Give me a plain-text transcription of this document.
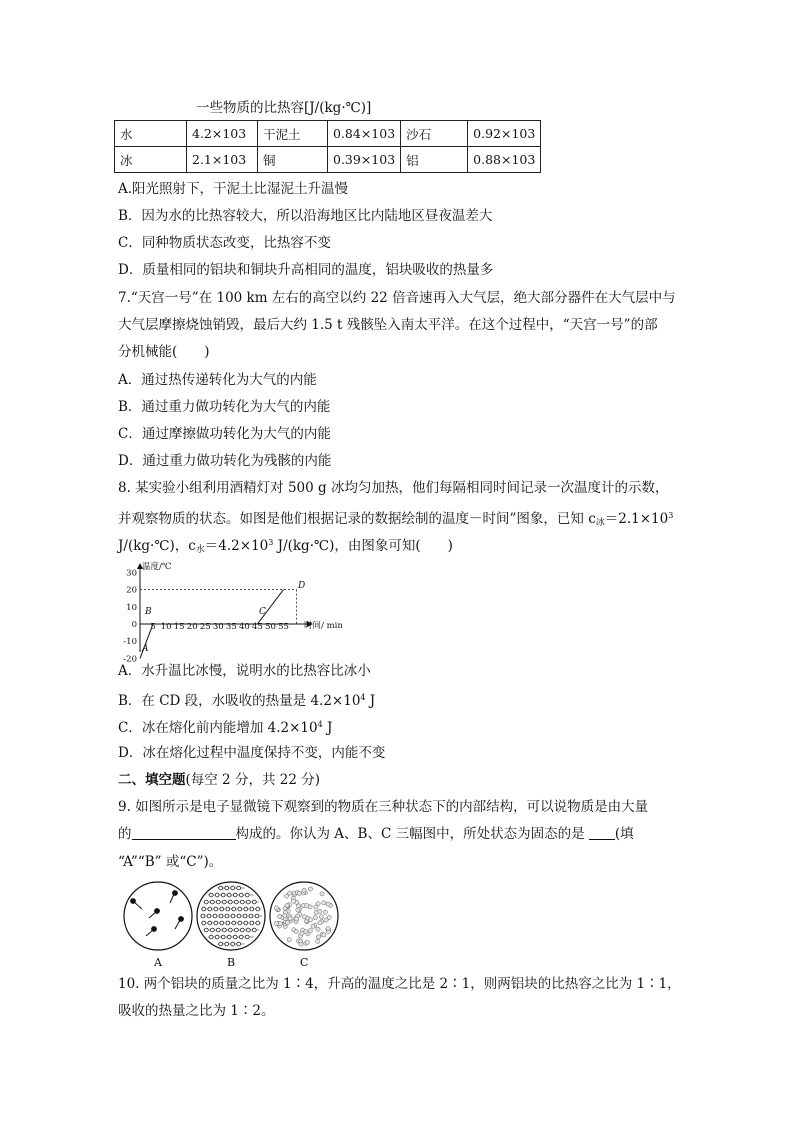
一些物质的比热容[J/(kg·℃)]
水	4.2×103	干泥土	0.84×103	沙石	0.92×103
冰	2.1×103	铜	0.39×103	铝	0.88×103
A.阳光照射下，干泥土比湿泥土升温慢
B．因为水的比热容较大，所以沿海地区比内陆地区昼夜温差大
C．同种物质状态改变，比热容不变
D．质量相同的铝块和铜块升高相同的温度，铝块吸收的热量多
7.“天宫一号”在 100 km 左右的高空以约 22 倍音速再入大气层，绝大部分器件在大气层中与
大气层摩擦烧蚀销毁，最后大约 1.5 t 残骸坠入南太平洋。在这个过程中，“天宫一号”的部
分机械能(　　)
A．通过热传递转化为大气的内能
B．通过重力做功转化为大气的内能
C．通过摩擦做功转化为大气的内能
D．通过重力做功转化为残骸的内能
8. 某实验小组利用酒精灯对 500 g 冰均匀加热，他们每隔相同时间记录一次温度计的示数，
并观察物质的状态。如图是他们根据记录的数据绘制的温度－时间”图象，已知 $c_冰=2.1\times 10^3$
J/(kg·℃)，$c_水=4.2\times 10^3$ J/(kg·℃)，由图象可知(　　)
温度/℃
时间/ min
30
20
10
0
-10
-20
5 10 15 20 25 30 35 40 45 50 55
A
B	C
D
A．水升温比冰慢，说明水的比热容比冰小
B．在 CD 段，水吸收的热量是 $4.2\times 10^4$ J
C．冰在熔化前内能增加 $4.2\times 10^4$ J
D．冰在熔化过程中温度保持不变，内能不变
二、填空题(每空 2 分，共 22 分)
9. 如图所示是电子显微镜下观察到的物质在三种状态下的内部结构，可以说物质是由大量
的	构成的。你认为 A、B、C 三幅图中，所处状态为固态的是 (填
“A”“B” 或“C”)。
A	B	C
10. 两个铝块的质量之比为 1∶4，升高的温度之比是 2∶1，则两铝块的比热容之比为 1∶1，
吸收的热量之比为 1∶2。
